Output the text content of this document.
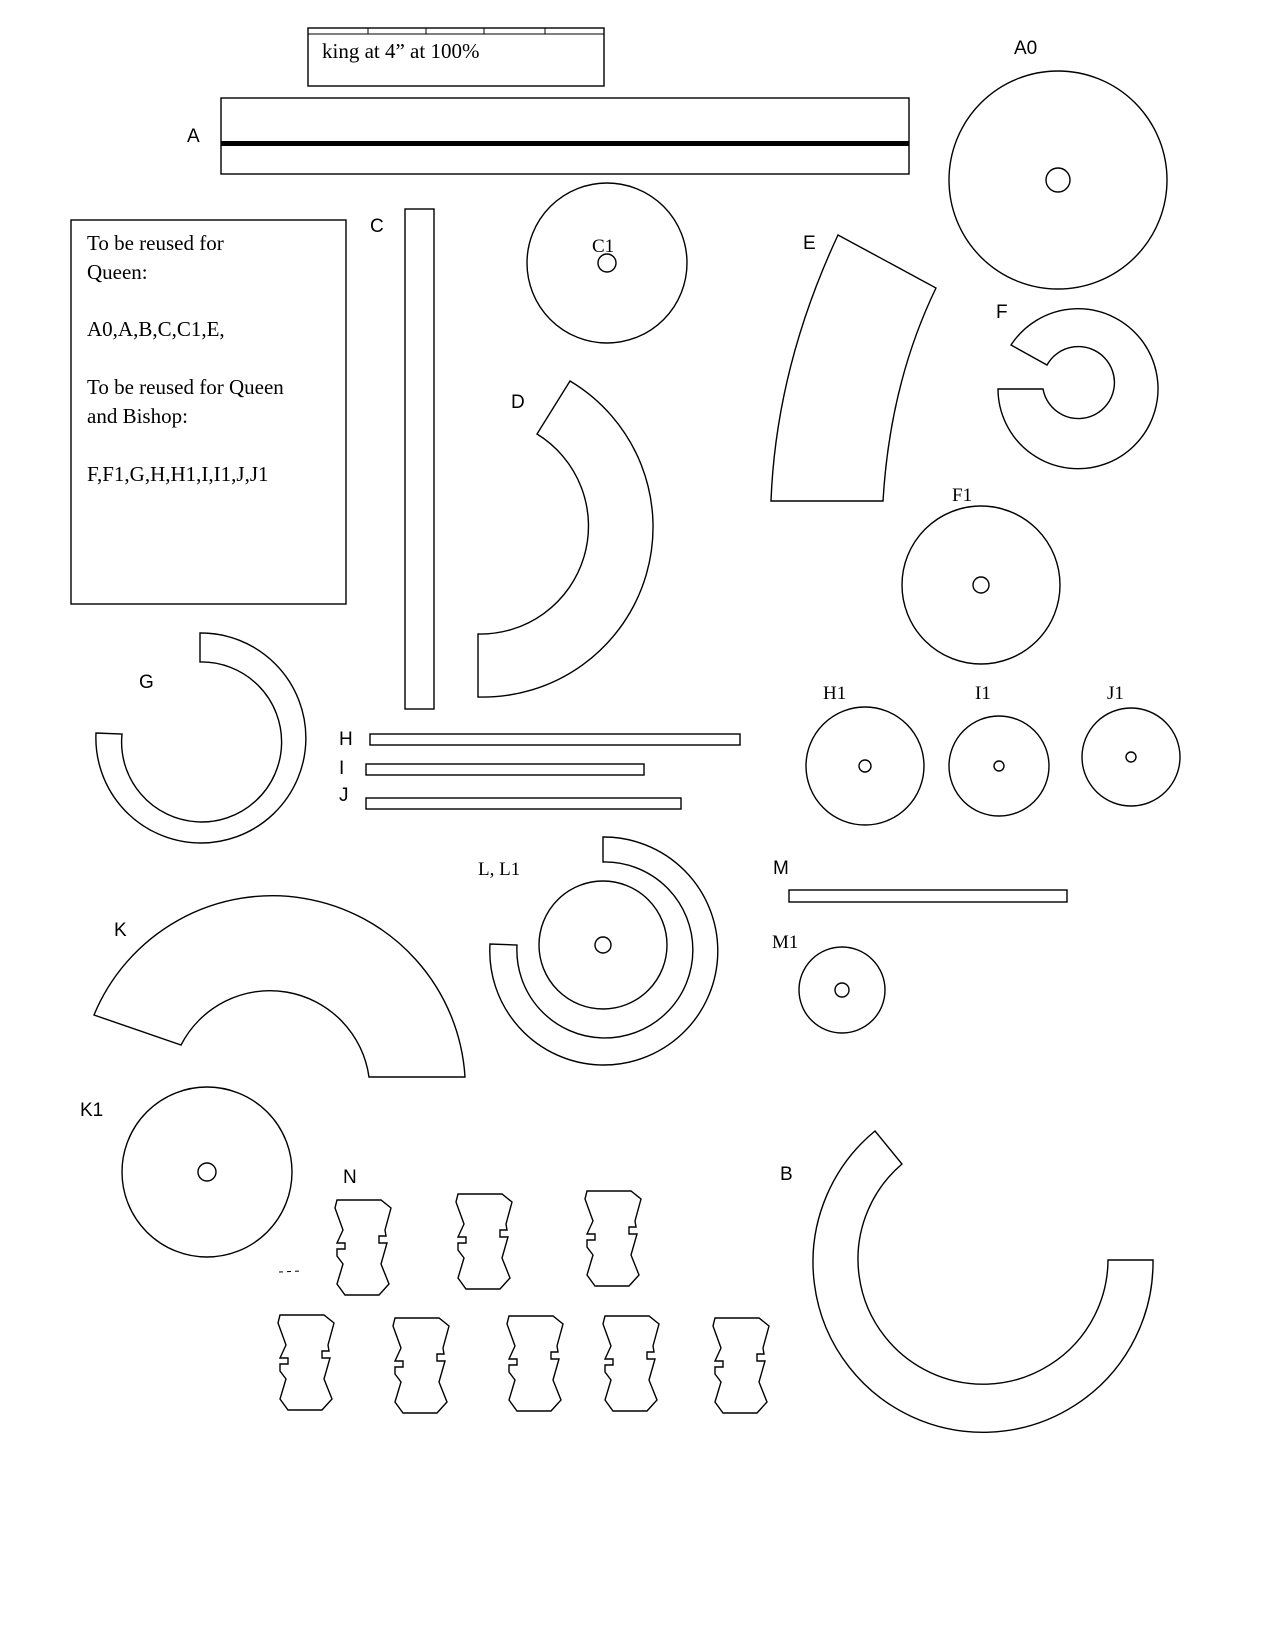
king at 4” at 100%
A
A0
To be reused for
Queen:
A0,A,B,C,C1,E,
To be reused for Queen
and Bishop:
F,F1,G,H,H1,I,I1,J,J1
C
C1
D
E
F
F1
G
H
I
J
H1	I1	J1
K
L, L1	M
M1
K1
N	B
